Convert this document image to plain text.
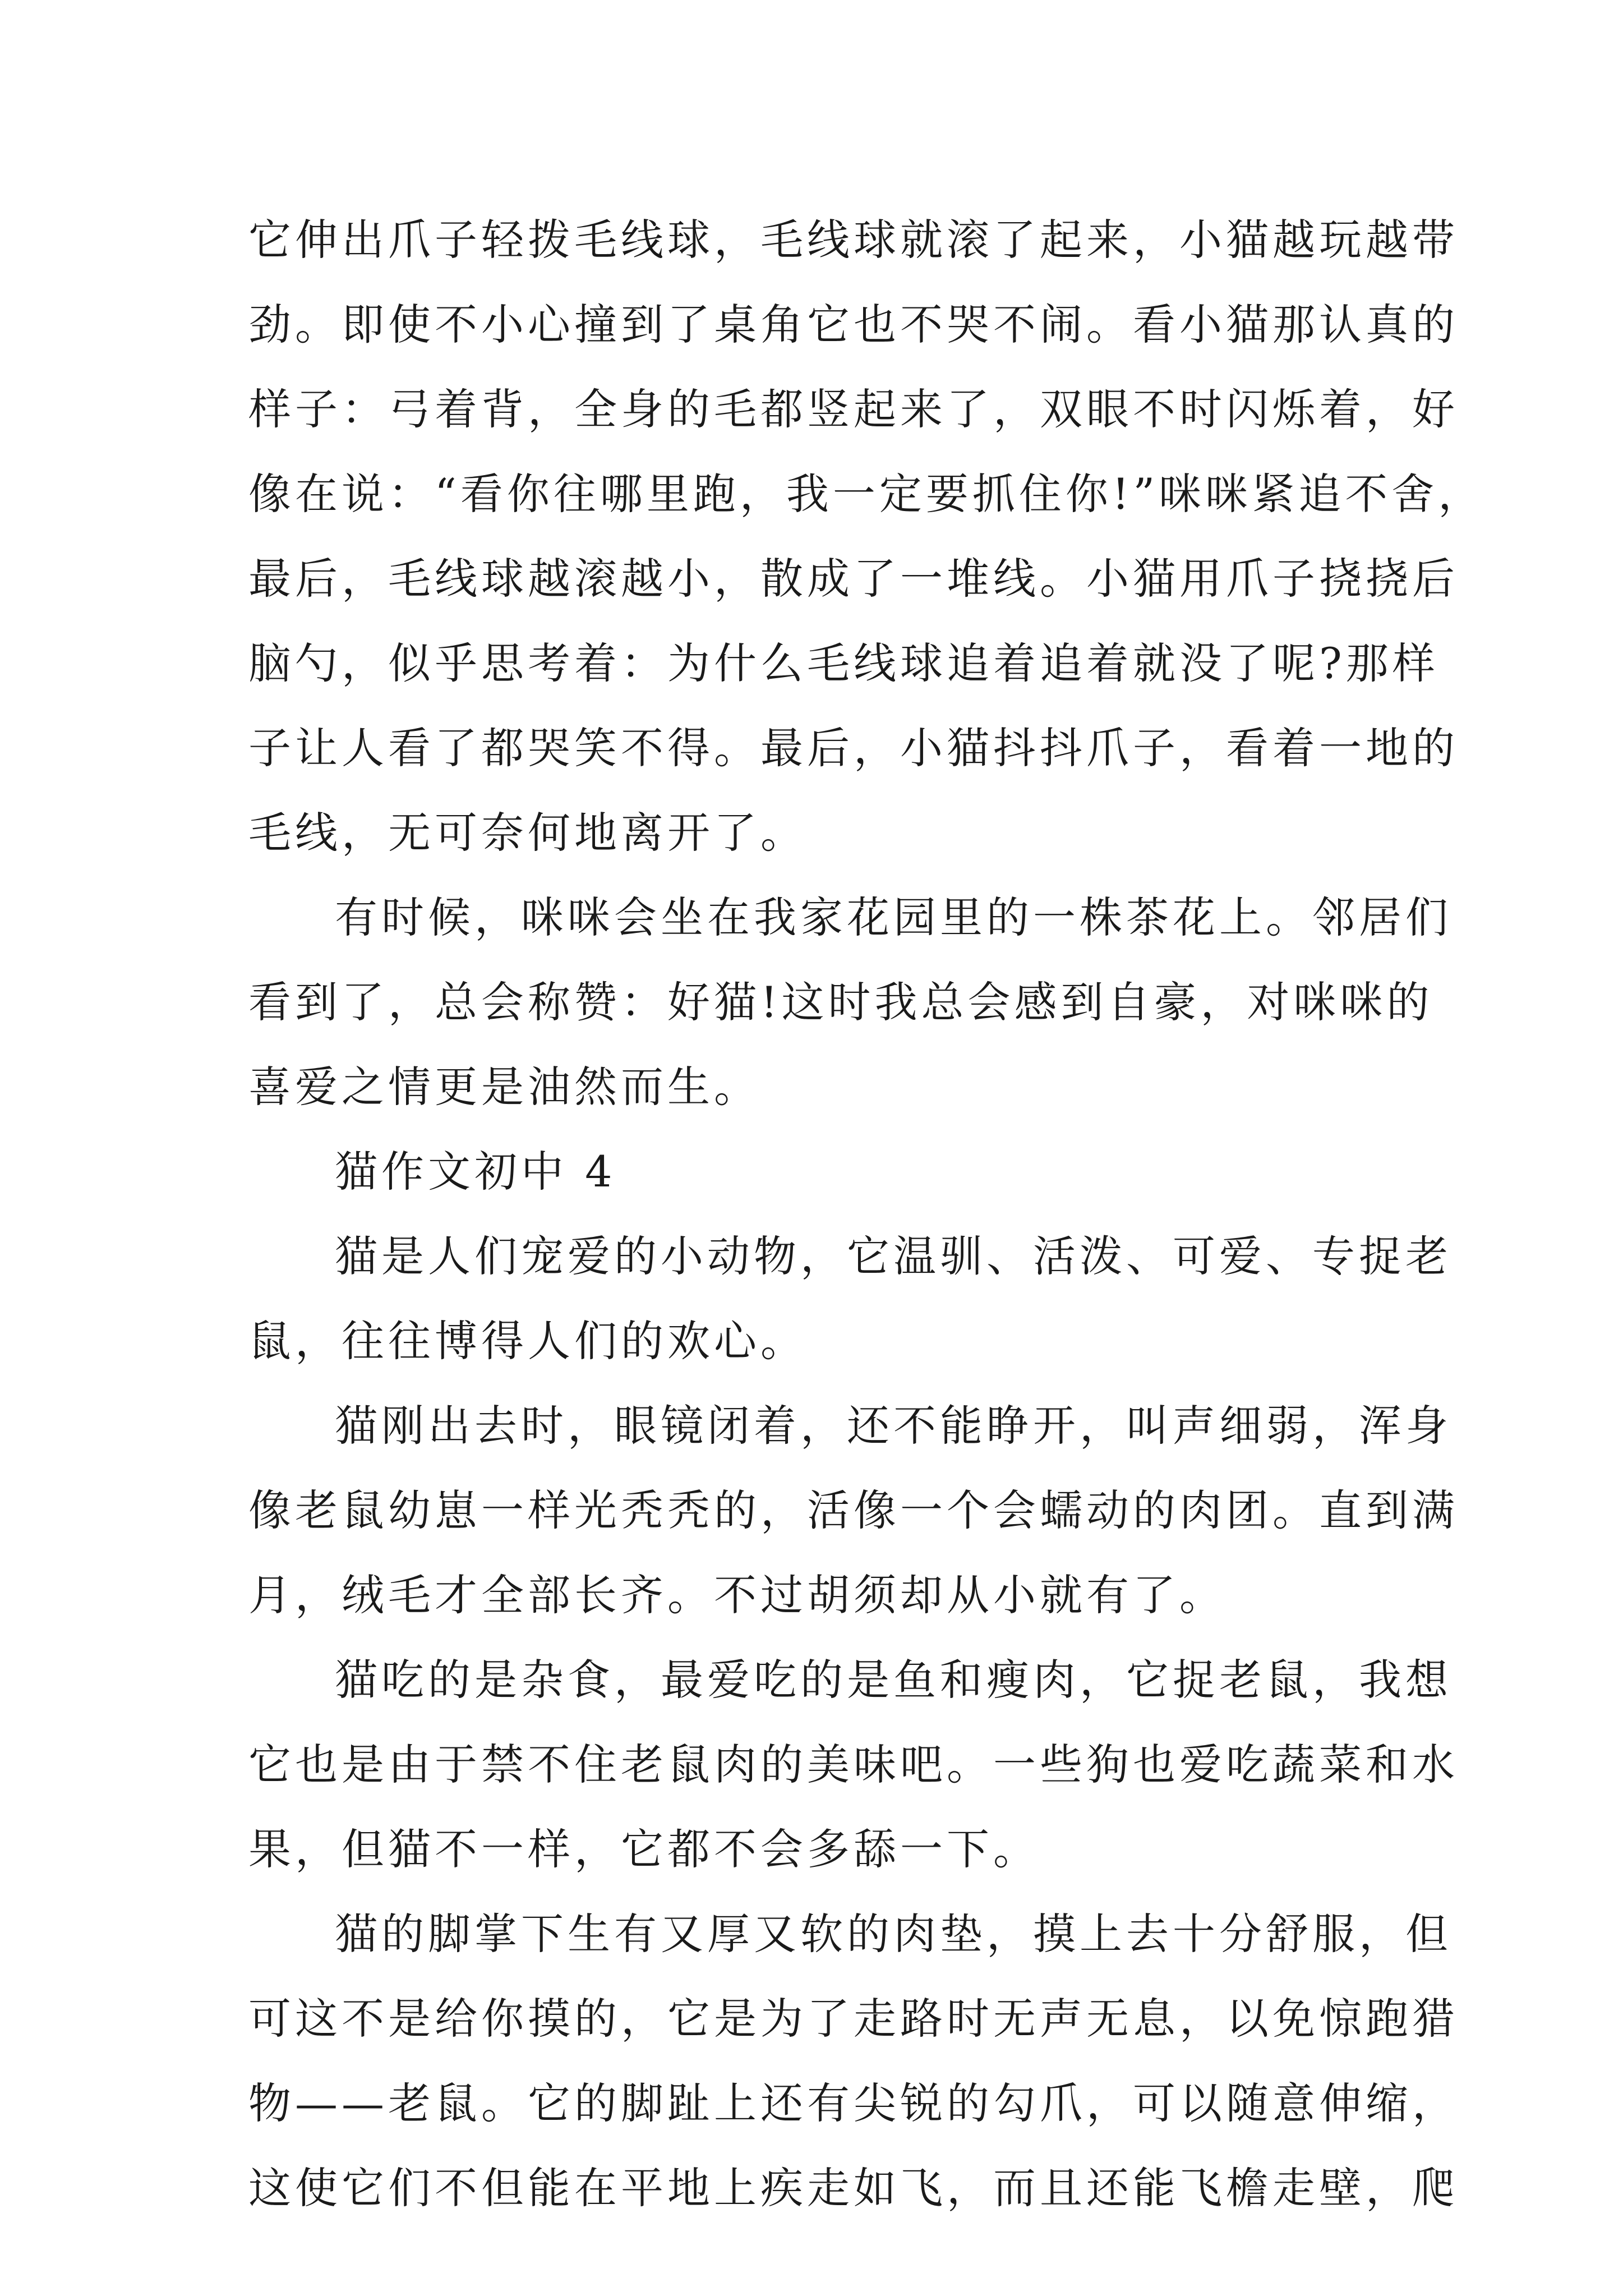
它伸出爪子轻拨毛线球，毛线球就滚了起来，小猫越玩越带
劲。即使不小心撞到了桌角它也不哭不闹。看小猫那认真的
样子：弓着背，全身的毛都竖起来了，双眼不时闪烁着，好
像在说：“看你往哪里跑，我一定要抓住你!”咪咪紧追不舍，
最后，毛线球越滚越小，散成了一堆线。小猫用爪子挠挠后
脑勺，似乎思考着：为什么毛线球追着追着就没了呢?那样
子让人看了都哭笑不得。最后，小猫抖抖爪子，看着一地的
毛线，无可奈何地离开了。
有时候，咪咪会坐在我家花园里的一株茶花上。邻居们
看到了，总会称赞：好猫!这时我总会感到自豪，对咪咪的
喜爱之情更是油然而生。
猫作文初中 4
猫是人们宠爱的小动物，它温驯、活泼、可爱、专捉老
鼠，往往博得人们的欢心。
猫刚出去时，眼镜闭着，还不能睁开，叫声细弱，浑身
像老鼠幼崽一样光秃秃的，活像一个会蠕动的肉团。直到满
月，绒毛才全部长齐。不过胡须却从小就有了。
猫吃的是杂食，最爱吃的是鱼和瘦肉，它捉老鼠，我想
它也是由于禁不住老鼠肉的美味吧。一些狗也爱吃蔬菜和水
果，但猫不一样，它都不会多舔一下。
猫的脚掌下生有又厚又软的肉垫，摸上去十分舒服，但
可这不是给你摸的，它是为了走路时无声无息，以免惊跑猎
物——老鼠。它的脚趾上还有尖锐的勾爪，可以随意伸缩，
这使它们不但能在平地上疾走如飞，而且还能飞檐走壁，爬
